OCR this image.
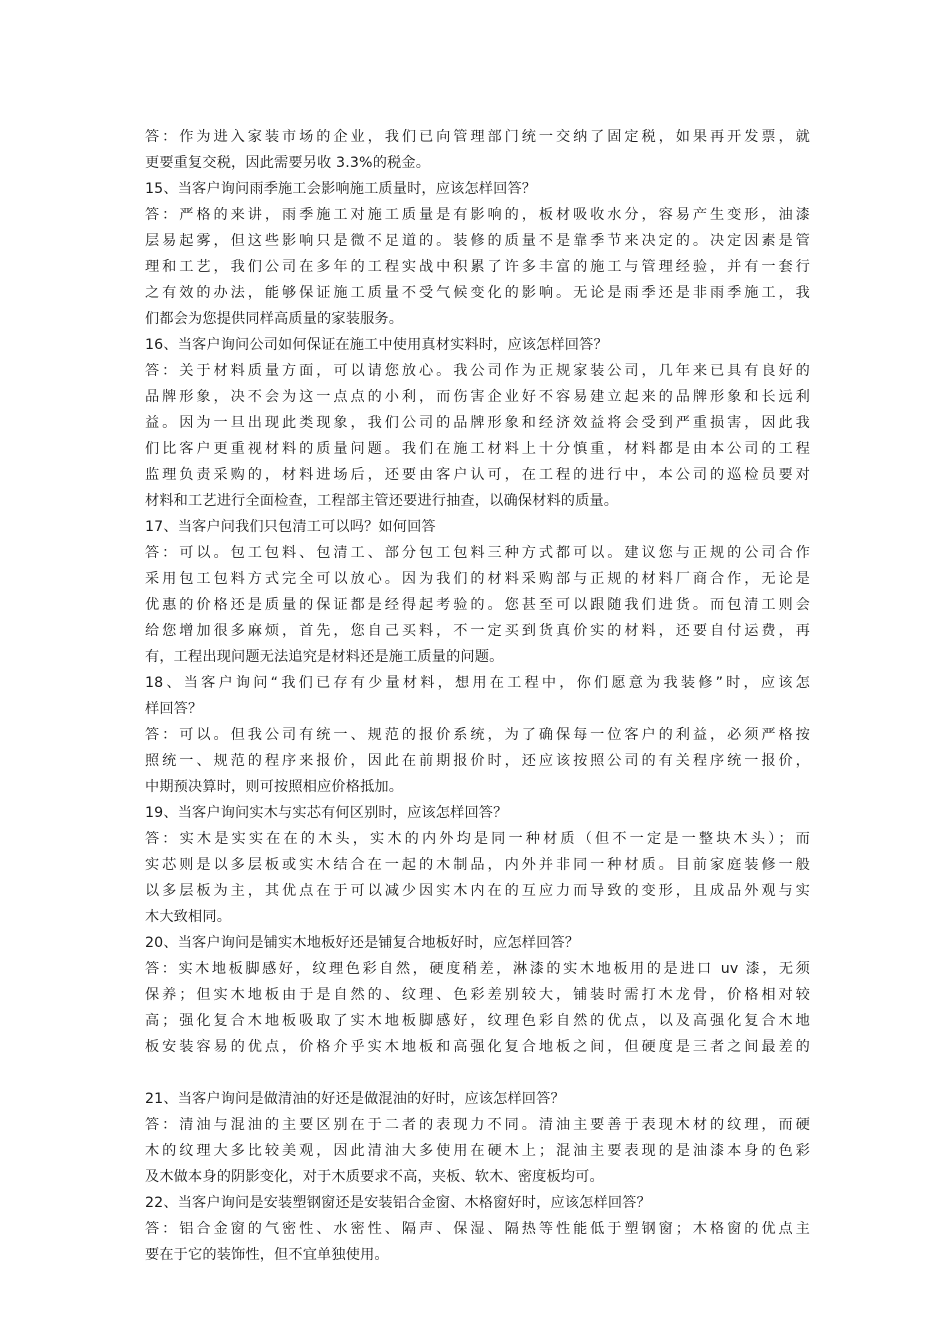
答：作为进入家装市场的企业，我们已向管理部门统一交纳了固定税，如果再开发票，就
更要重复交税，因此需要另收 3.3%的税金。
15、当客户询问雨季施工会影响施工质量时，应该怎样回答？
答：严格的来讲，雨季施工对施工质量是有影响的，板材吸收水分，容易产生变形，油漆
层易起雾，但这些影响只是微不足道的。装修的质量不是靠季节来决定的。决定因素是管
理和工艺，我们公司在多年的工程实战中积累了许多丰富的施工与管理经验，并有一套行
之有效的办法，能够保证施工质量不受气候变化的影响。无论是雨季还是非雨季施工，我
们都会为您提供同样高质量的家装服务。
16、当客户询问公司如何保证在施工中使用真材实料时，应该怎样回答？
答：关于材料质量方面，可以请您放心。我公司作为正规家装公司，几年来已具有良好的
品牌形象，决不会为这一点点的小利，而伤害企业好不容易建立起来的品牌形象和长远利
益。因为一旦出现此类现象，我们公司的品牌形象和经济效益将会受到严重损害，因此我
们比客户更重视材料的质量问题。我们在施工材料上十分慎重，材料都是由本公司的工程
监理负责采购的，材料进场后，还要由客户认可，在工程的进行中，本公司的巡检员要对
材料和工艺进行全面检查，工程部主管还要进行抽查，以确保材料的质量。
17、当客户问我们只包清工可以吗？如何回答
答：可以。包工包料、包清工、部分包工包料三种方式都可以。建议您与正规的公司合作
采用包工包料方式完全可以放心。因为我们的材料采购部与正规的材料厂商合作，无论是
优惠的价格还是质量的保证都是经得起考验的。您甚至可以跟随我们进货。而包清工则会
给您增加很多麻烦，首先，您自己买料，不一定买到货真价实的材料，还要自付运费，再
有，工程出现问题无法追究是材料还是施工质量的问题。
18、当客户询问“我们已存有少量材料，想用在工程中，你们愿意为我装修”时，应该怎
样回答？
答：可以。但我公司有统一、规范的报价系统，为了确保每一位客户的利益，必须严格按
照统一、规范的程序来报价，因此在前期报价时，还应该按照公司的有关程序统一报价，
中期预决算时，则可按照相应价格抵加。
19、当客户询问实木与实芯有何区别时，应该怎样回答？
答：实木是实实在在的木头，实木的内外均是同一种材质（但不一定是一整块木头）；而
实芯则是以多层板或实木结合在一起的木制品，内外并非同一种材质。目前家庭装修一般
以多层板为主，其优点在于可以减少因实木内在的互应力而导致的变形，且成品外观与实
木大致相同。
20、当客户询问是铺实木地板好还是铺复合地板好时，应怎样回答？
答：实木地板脚感好，纹理色彩自然，硬度稍差，淋漆的实木地板用的是进口 uv 漆，无须
保养；但实木地板由于是自然的、纹理、色彩差别较大，铺装时需打木龙骨，价格相对较
高；强化复合木地板吸取了实木地板脚感好，纹理色彩自然的优点，以及高强化复合木地
板安装容易的优点，价格介乎实木地板和高强化复合地板之间，但硬度是三者之间最差的
21、当客户询问是做清油的好还是做混油的好时，应该怎样回答？
答：清油与混油的主要区别在于二者的表现力不同。清油主要善于表现木材的纹理，而硬
木的纹理大多比较美观，因此清油大多使用在硬木上；混油主要表现的是油漆本身的色彩
及木做本身的阴影变化，对于木质要求不高，夹板、软木、密度板均可。
22、当客户询问是安装塑钢窗还是安装铝合金窗、木格窗好时，应该怎样回答？
答：铝合金窗的气密性、水密性、隔声、保湿、隔热等性能低于塑钢窗；木格窗的优点主
要在于它的装饰性，但不宜单独使用。
